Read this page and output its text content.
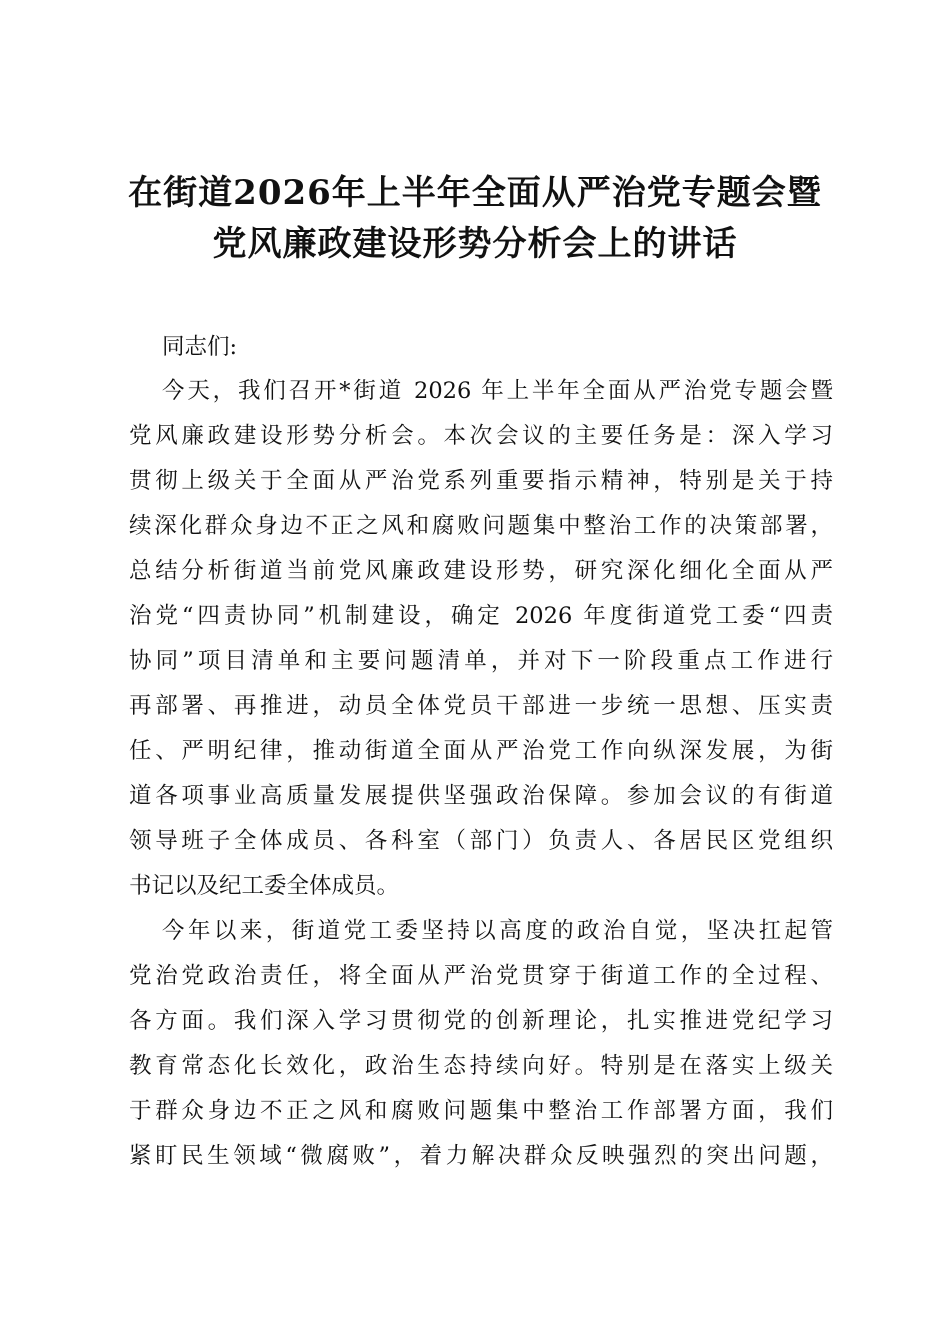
在街道2026年上半年全面从严治党专题会暨
党风廉政建设形势分析会上的讲话

同志们:

今天，我们召开*街道 2026 年上半年全面从严治党专题会暨

党风廉政建设形势分析会。本次会议的主要任务是：深入学习

贯彻上级关于全面从严治党系列重要指示精神，特别是关于持

续深化群众身边不正之风和腐败问题集中整治工作的决策部署，

总结分析街道当前党风廉政建设形势，研究深化细化全面从严

治党“四责协同”机制建设，确定 2026 年度街道党工委“四责

协同”项目清单和主要问题清单，并对下一阶段重点工作进行

再部署、再推进，动员全体党员干部进一步统一思想、压实责

任、严明纪律，推动街道全面从严治党工作向纵深发展，为街

道各项事业高质量发展提供坚强政治保障。参加会议的有街道

领导班子全体成员、各科室（部门）负责人、各居民区党组织

书记以及纪工委全体成员。

今年以来，街道党工委坚持以高度的政治自觉，坚决扛起管

党治党政治责任，将全面从严治党贯穿于街道工作的全过程、

各方面。我们深入学习贯彻党的创新理论，扎实推进党纪学习

教育常态化长效化，政治生态持续向好。特别是在落实上级关

于群众身边不正之风和腐败问题集中整治工作部署方面，我们

紧盯民生领域“微腐败”，着力解决群众反映强烈的突出问题，
